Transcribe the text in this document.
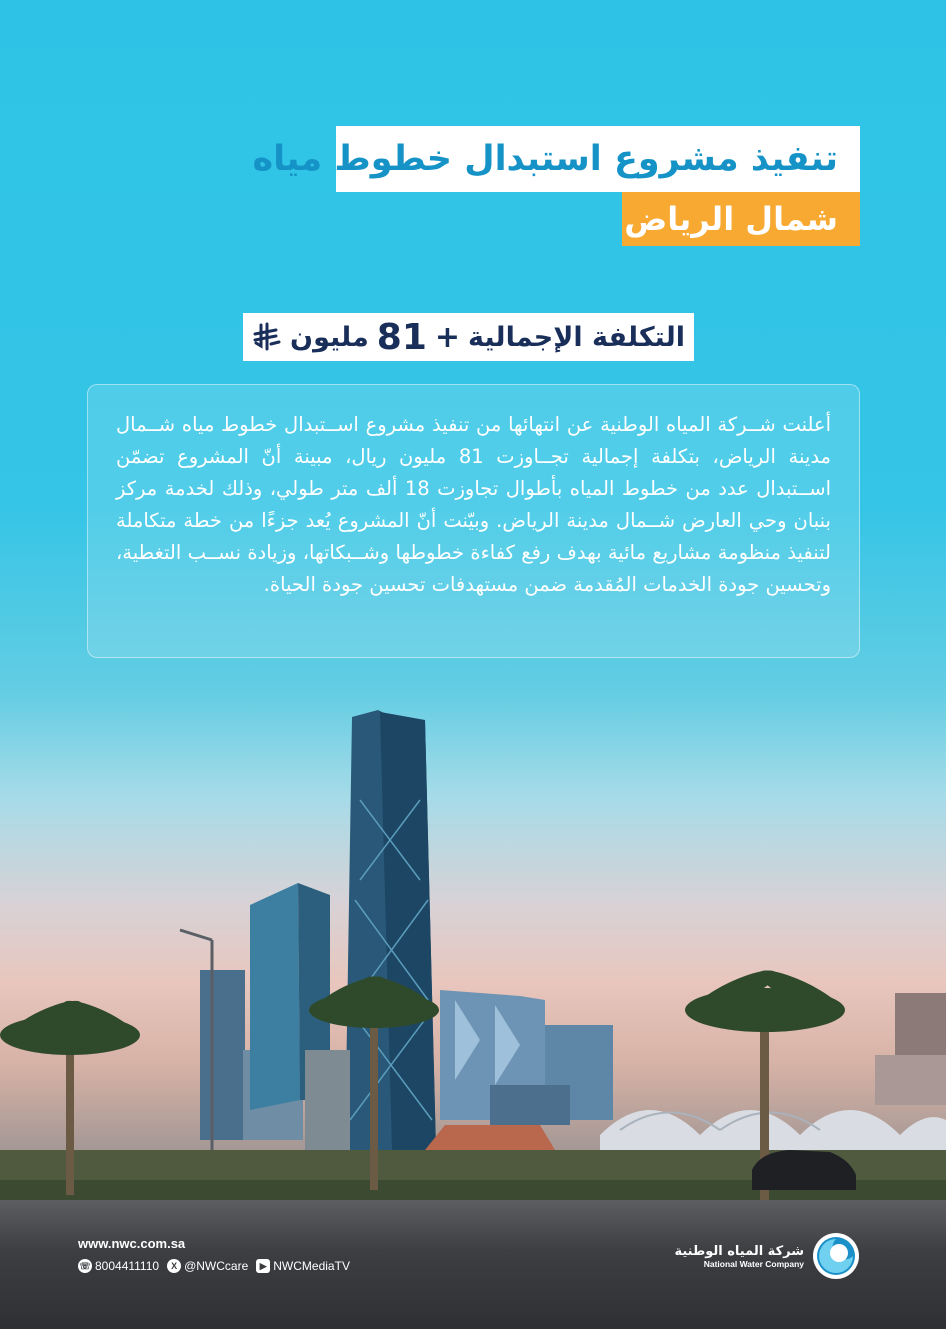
تنفيذ مشروع استبدال خطوط مياه
شمال الرياض
التكلفة الإجمالية
+
81
مليون

أعلنت شــركة المياه الوطنية عن انتهائها من تنفيذ مشروع اســتبدال خطوط مياه شــمال مدينة الرياض، بتكلفة إجمالية تجــاوزت 81 مليون ريال، مبينة أنّ المشروع تضمّن اســتبدال عدد من خطوط المياه بأطوال تجاوزت 18 ألف متر طولي، وذلك لخدمة مركز بنبان وحي العارض شــمال مدينة الرياض. وبيّنت أنّ المشروع يُعد جزءًا من خطة متكاملة لتنفيذ منظومة مشاريع مائية بهدف رفع كفاءة خطوطها وشــبكاتها، وزيادة نســب التغطية، وتحسين جودة الخدمات المُقدمة ضمن مستهدفات تحسين جودة الحياة.

www.nwc.com.sa
☏ 8004411110	X @NWCcare	▶ NWCMediaTV
شركة المياه الوطنية
National Water Company
